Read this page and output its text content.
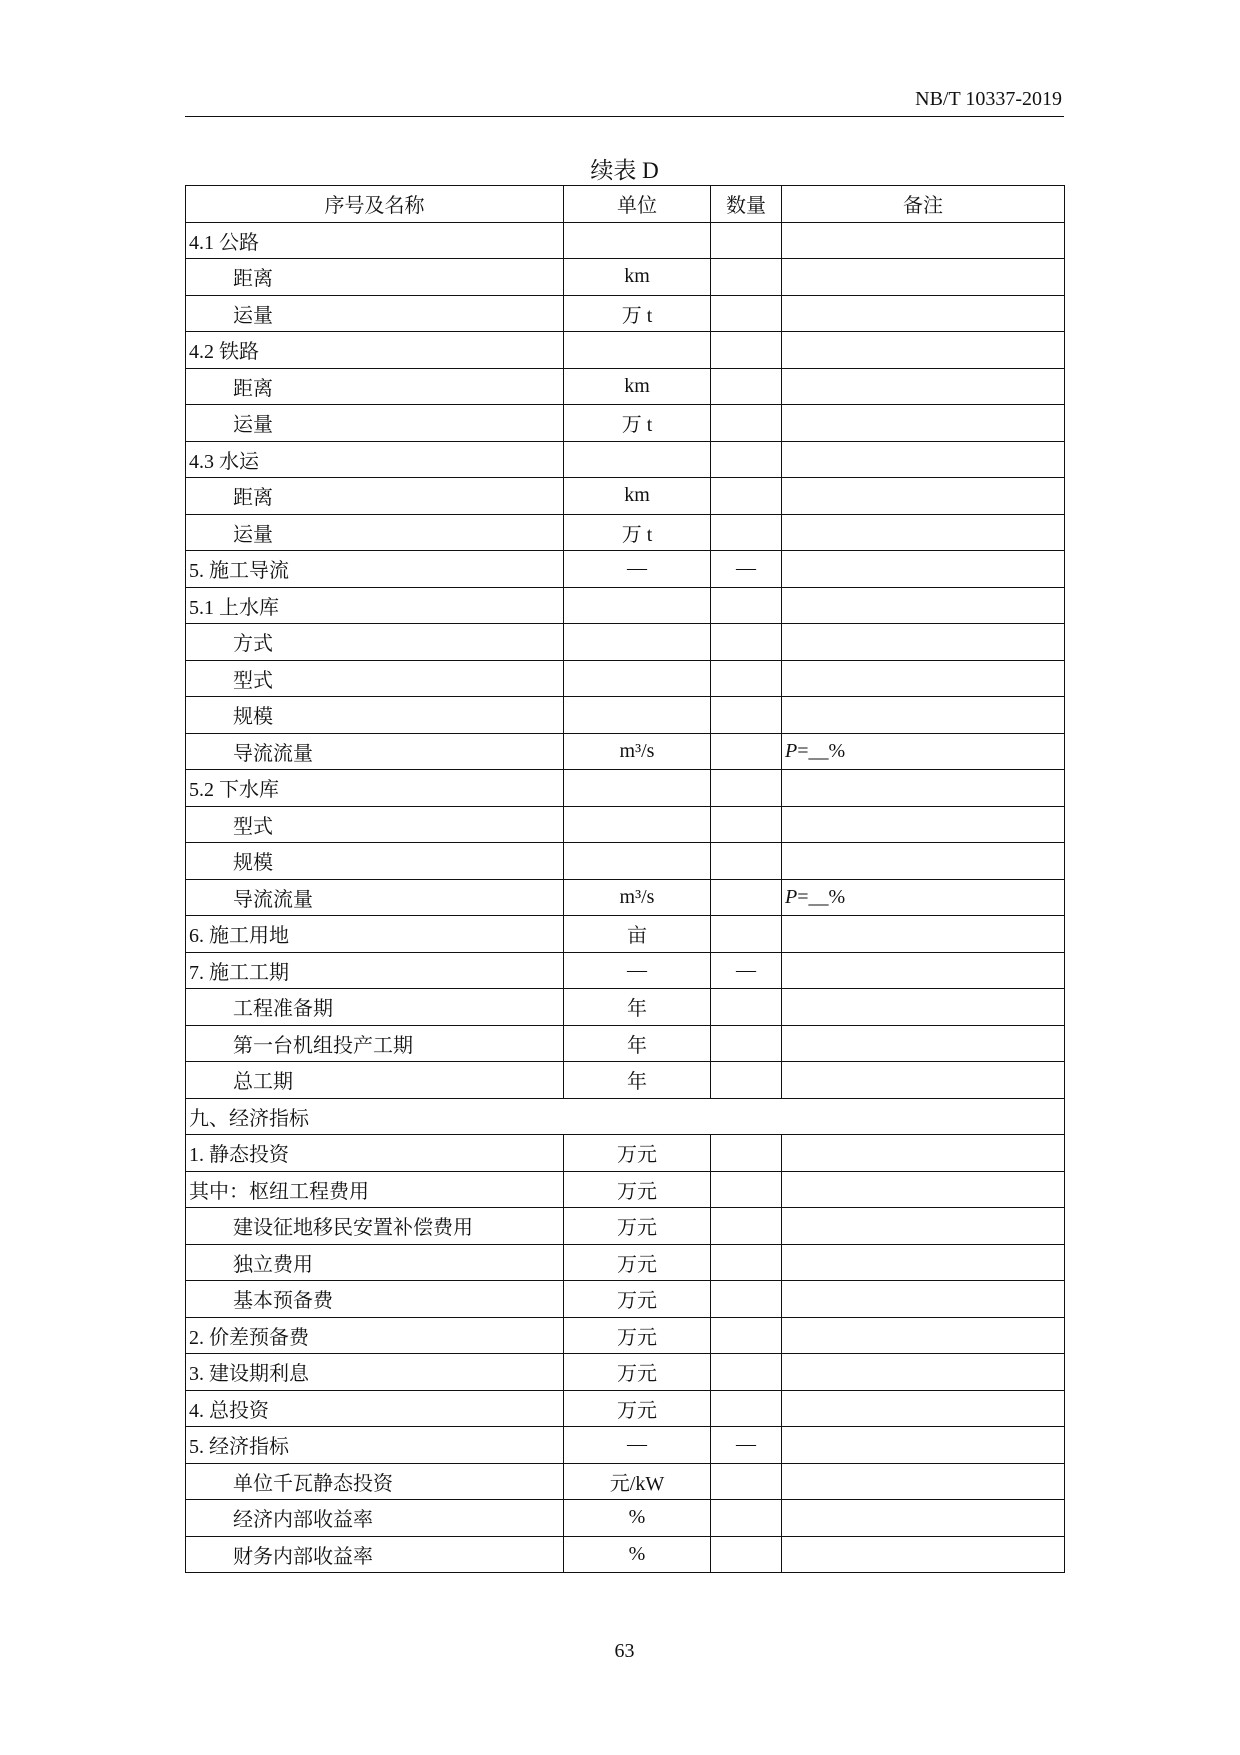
NB/T 10337-2019
续表 D
序号及名称	单位	数量	备注
4.1 公路			
距离	km		
运量	万 t		
4.2 铁路			
距离	km		
运量	万 t		
4.3 水运			
距离	km		
运量	万 t		
5. 施工导流	—	—	
5.1 上水库			
方式			
型式			
规模			
导流流量	m³/s		P=__%
5.2 下水库			
型式			
规模			
导流流量	m³/s		P=__%
6. 施工用地	亩		
7. 施工工期	—	—	
工程准备期	年		
第一台机组投产工期	年		
总工期	年		
九、经济指标			
1. 静态投资	万元		
其中：枢纽工程费用	万元		
建设征地移民安置补偿费用	万元		
独立费用	万元		
基本预备费	万元		
2. 价差预备费	万元		
3. 建设期利息	万元		
4. 总投资	万元		
5. 经济指标	—	—	
单位千瓦静态投资	元/kW		
经济内部收益率	%		
财务内部收益率	%		
63
